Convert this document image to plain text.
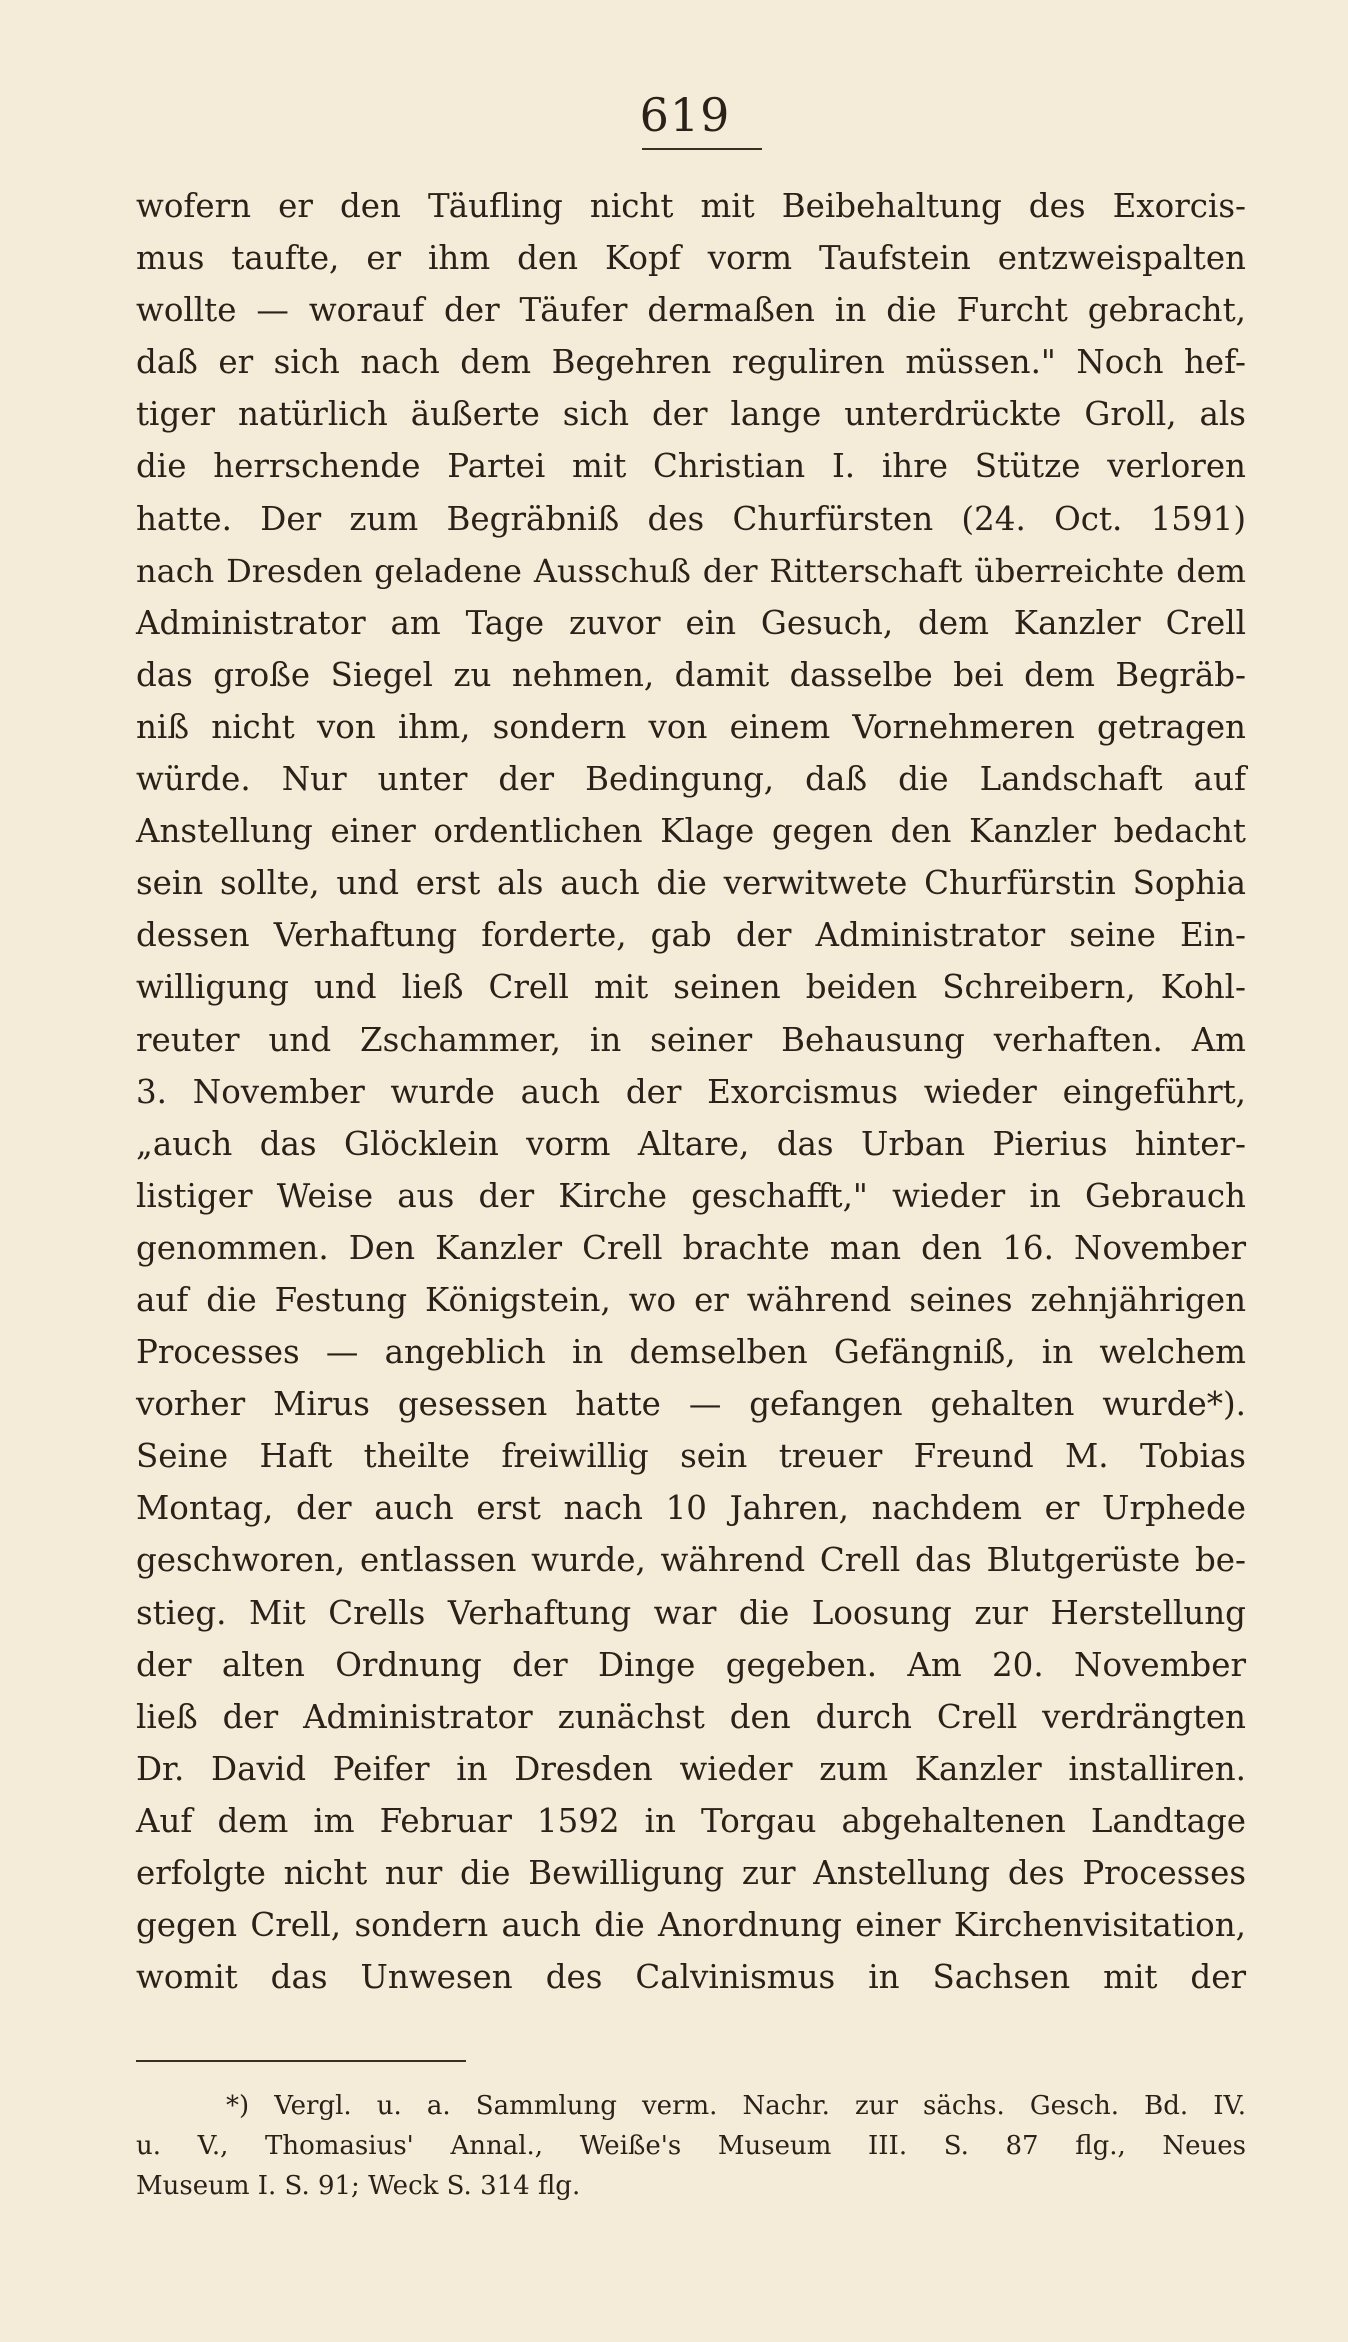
619
wofern er den Täufling nicht mit Beibehaltung des Exorcis-
mus taufte, er ihm den Kopf vorm Taufstein entzweispalten
wollte — worauf der Täufer dermaßen in die Furcht gebracht,
daß er sich nach dem Begehren reguliren müssen." Noch hef-
tiger natürlich äußerte sich der lange unterdrückte Groll, als
die herrschende Partei mit Christian I. ihre Stütze verloren
hatte. Der zum Begräbniß des Churfürsten (24. Oct. 1591)
nach Dresden geladene Ausschuß der Ritterschaft überreichte dem
Administrator am Tage zuvor ein Gesuch, dem Kanzler Crell
das große Siegel zu nehmen, damit dasselbe bei dem Begräb-
niß nicht von ihm, sondern von einem Vornehmeren getragen
würde. Nur unter der Bedingung, daß die Landschaft auf
Anstellung einer ordentlichen Klage gegen den Kanzler bedacht
sein sollte, und erst als auch die verwitwete Churfürstin Sophia
dessen Verhaftung forderte, gab der Administrator seine Ein-
willigung und ließ Crell mit seinen beiden Schreibern, Kohl-
reuter und Zschammer, in seiner Behausung verhaften. Am
3. November wurde auch der Exorcismus wieder eingeführt,
„auch das Glöcklein vorm Altare, das Urban Pierius hinter-
listiger Weise aus der Kirche geschafft," wieder in Gebrauch
genommen. Den Kanzler Crell brachte man den 16. November
auf die Festung Königstein, wo er während seines zehnjährigen
Processes — angeblich in demselben Gefängniß, in welchem
vorher Mirus gesessen hatte — gefangen gehalten wurde*).
Seine Haft theilte freiwillig sein treuer Freund M. Tobias
Montag, der auch erst nach 10 Jahren, nachdem er Urphede
geschworen, entlassen wurde, während Crell das Blutgerüste be-
stieg. Mit Crells Verhaftung war die Loosung zur Herstellung
der alten Ordnung der Dinge gegeben. Am 20. November
ließ der Administrator zunächst den durch Crell verdrängten
Dr. David Peifer in Dresden wieder zum Kanzler installiren.
Auf dem im Februar 1592 in Torgau abgehaltenen Landtage
erfolgte nicht nur die Bewilligung zur Anstellung des Processes
gegen Crell, sondern auch die Anordnung einer Kirchenvisitation,
womit das Unwesen des Calvinismus in Sachsen mit der
*) Vergl. u. a. Sammlung verm. Nachr. zur sächs. Gesch. Bd. IV.
u. V., Thomasius' Annal., Weiße's Museum III. S. 87 flg., Neues
Museum I. S. 91; Weck S. 314 flg.
